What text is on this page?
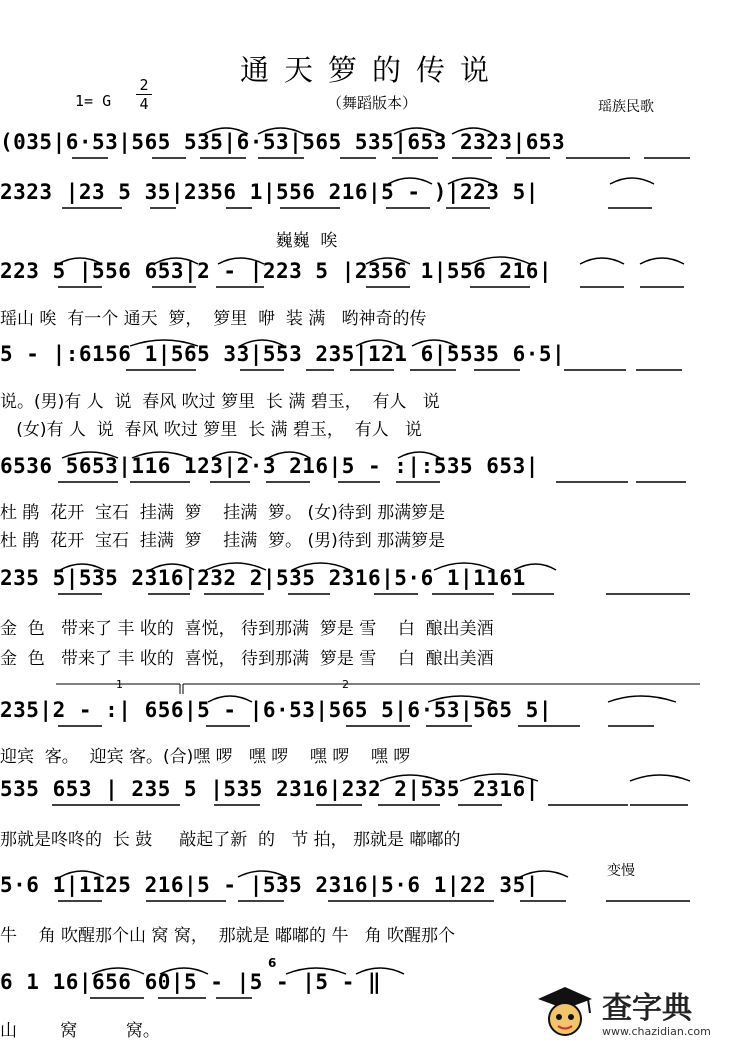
通天箩的传说
（舞蹈版本）
1= G
2
4	瑶族民歌
(035|6·53|565 535|6·53|565 535|653 2323|653
2323 |23 5 35|2356 1|556 216|5 - )|223 5|
巍巍  唉
223 5 |556 653|2 - |223 5 |2356 1|556 216|
瑶山 唉  有一个 通天  箩，  箩里  咿  装 满   哟神奇的传
5 - |:6156 1|565 33|553 235|121 6|5535 6·5|
说。(男)有 人  说  春风 吹过 箩里  长 满 碧玉，  有人   说
(女)有 人  说  春风 吹过 箩里  长 满 碧玉，  有人   说
6536 5653|116 123|2·3 216|5 - :|:535 653|
杜 鹃  花开  宝石  挂满  箩    挂满  箩。 (女)待到 那满箩是
杜 鹃  花开  宝石  挂满  箩    挂满  箩。 (男)待到 那满箩是
235 5|535 2316|232 2|535 2316|5·6 1|1161
金  色   带来了 丰 收的  喜悦， 待到那满  箩是 雪    白  酿出美酒
金  色   带来了 丰 收的  喜悦， 待到那满  箩是 雪    白  酿出美酒
1	2
235|2 - :| 656|5 - |6·53|565 5|6·53|565 5|
迎宾  客。  迎宾 客。(合)嘿 啰   嘿 啰    嘿 啰    嘿 啰
535 653 | 235 5 |535 2316|232 2|535 2316|
那就是咚咚的  长 鼓     敲起了新  的   节 拍， 那就是 嘟嘟的
变慢
5·6 1|1125 216|5 - |535 2316|5·6 1|22 35|
牛    角 吹醒那个山 窝 窝，  那就是 嘟嘟的 牛   角 吹醒那个
6
6 1 16|656 60|5 - |5 - |5 - ‖
山        窝         窝。
查字典
www.chazidian.com
